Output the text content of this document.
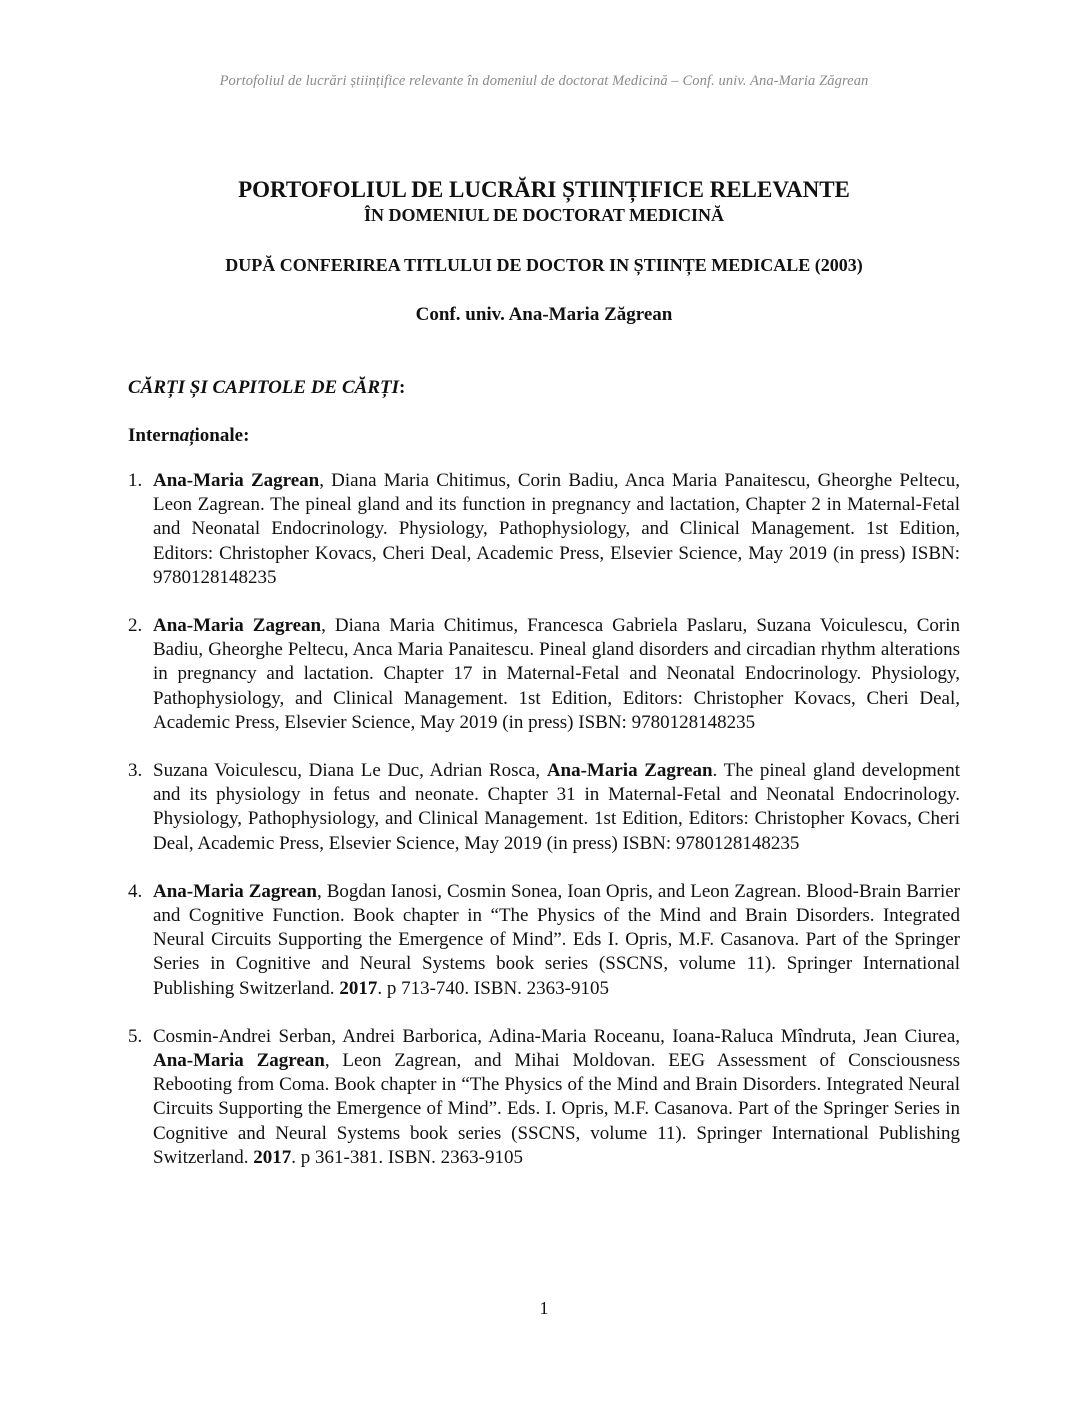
Portofoliul de lucrări științifice relevante în domeniul de doctorat Medicină – Conf. univ. Ana-Maria Zăgrean
PORTOFOLIUL DE LUCRĂRI ȘTIINȚIFICE RELEVANTE
ÎN DOMENIUL DE DOCTORAT MEDICINĂ
DUPĂ CONFERIREA TITLULUI DE DOCTOR IN ȘTIINȚE MEDICALE (2003)
Conf. univ. Ana-Maria Zăgrean
CĂRȚI ȘI CAPITOLE DE CĂRȚI:
Internaționale:
1. Ana-Maria Zagrean, Diana Maria Chitimus, Corin Badiu, Anca Maria Panaitescu, Gheorghe Peltecu, Leon Zagrean. The pineal gland and its function in pregnancy and lactation, Chapter 2 in Maternal-Fetal and Neonatal Endocrinology. Physiology, Pathophysiology, and Clinical Management. 1st Edition, Editors: Christopher Kovacs, Cheri Deal, Academic Press, Elsevier Science, May 2019 (in press) ISBN: 9780128148235
2. Ana-Maria Zagrean, Diana Maria Chitimus, Francesca Gabriela Paslaru, Suzana Voiculescu, Corin Badiu, Gheorghe Peltecu, Anca Maria Panaitescu. Pineal gland disorders and circadian rhythm alterations in pregnancy and lactation. Chapter 17 in Maternal-Fetal and Neonatal Endocrinology. Physiology, Pathophysiology, and Clinical Management. 1st Edition, Editors: Christopher Kovacs, Cheri Deal, Academic Press, Elsevier Science, May 2019 (in press) ISBN: 9780128148235
3. Suzana Voiculescu, Diana Le Duc, Adrian Rosca, Ana-Maria Zagrean. The pineal gland development and its physiology in fetus and neonate. Chapter 31 in Maternal-Fetal and Neonatal Endocrinology. Physiology, Pathophysiology, and Clinical Management. 1st Edition, Editors: Christopher Kovacs, Cheri Deal, Academic Press, Elsevier Science, May 2019 (in press) ISBN: 9780128148235
4. Ana-Maria Zagrean, Bogdan Ianosi, Cosmin Sonea, Ioan Opris, and Leon Zagrean. Blood-Brain Barrier and Cognitive Function. Book chapter in “The Physics of the Mind and Brain Disorders. Integrated Neural Circuits Supporting the Emergence of Mind”. Eds I. Opris, M.F. Casanova. Part of the Springer Series in Cognitive and Neural Systems book series (SSCNS, volume 11). Springer International Publishing Switzerland. 2017. p 713-740. ISBN. 2363-9105
5. Cosmin-Andrei Serban, Andrei Barborica, Adina-Maria Roceanu, Ioana-Raluca Mîndruta, Jean Ciurea, Ana-Maria Zagrean, Leon Zagrean, and Mihai Moldovan. EEG Assessment of Consciousness Rebooting from Coma. Book chapter in “The Physics of the Mind and Brain Disorders. Integrated Neural Circuits Supporting the Emergence of Mind”. Eds. I. Opris, M.F. Casanova. Part of the Springer Series in Cognitive and Neural Systems book series (SSCNS, volume 11). Springer International Publishing Switzerland. 2017. p 361-381. ISBN. 2363-9105
1
